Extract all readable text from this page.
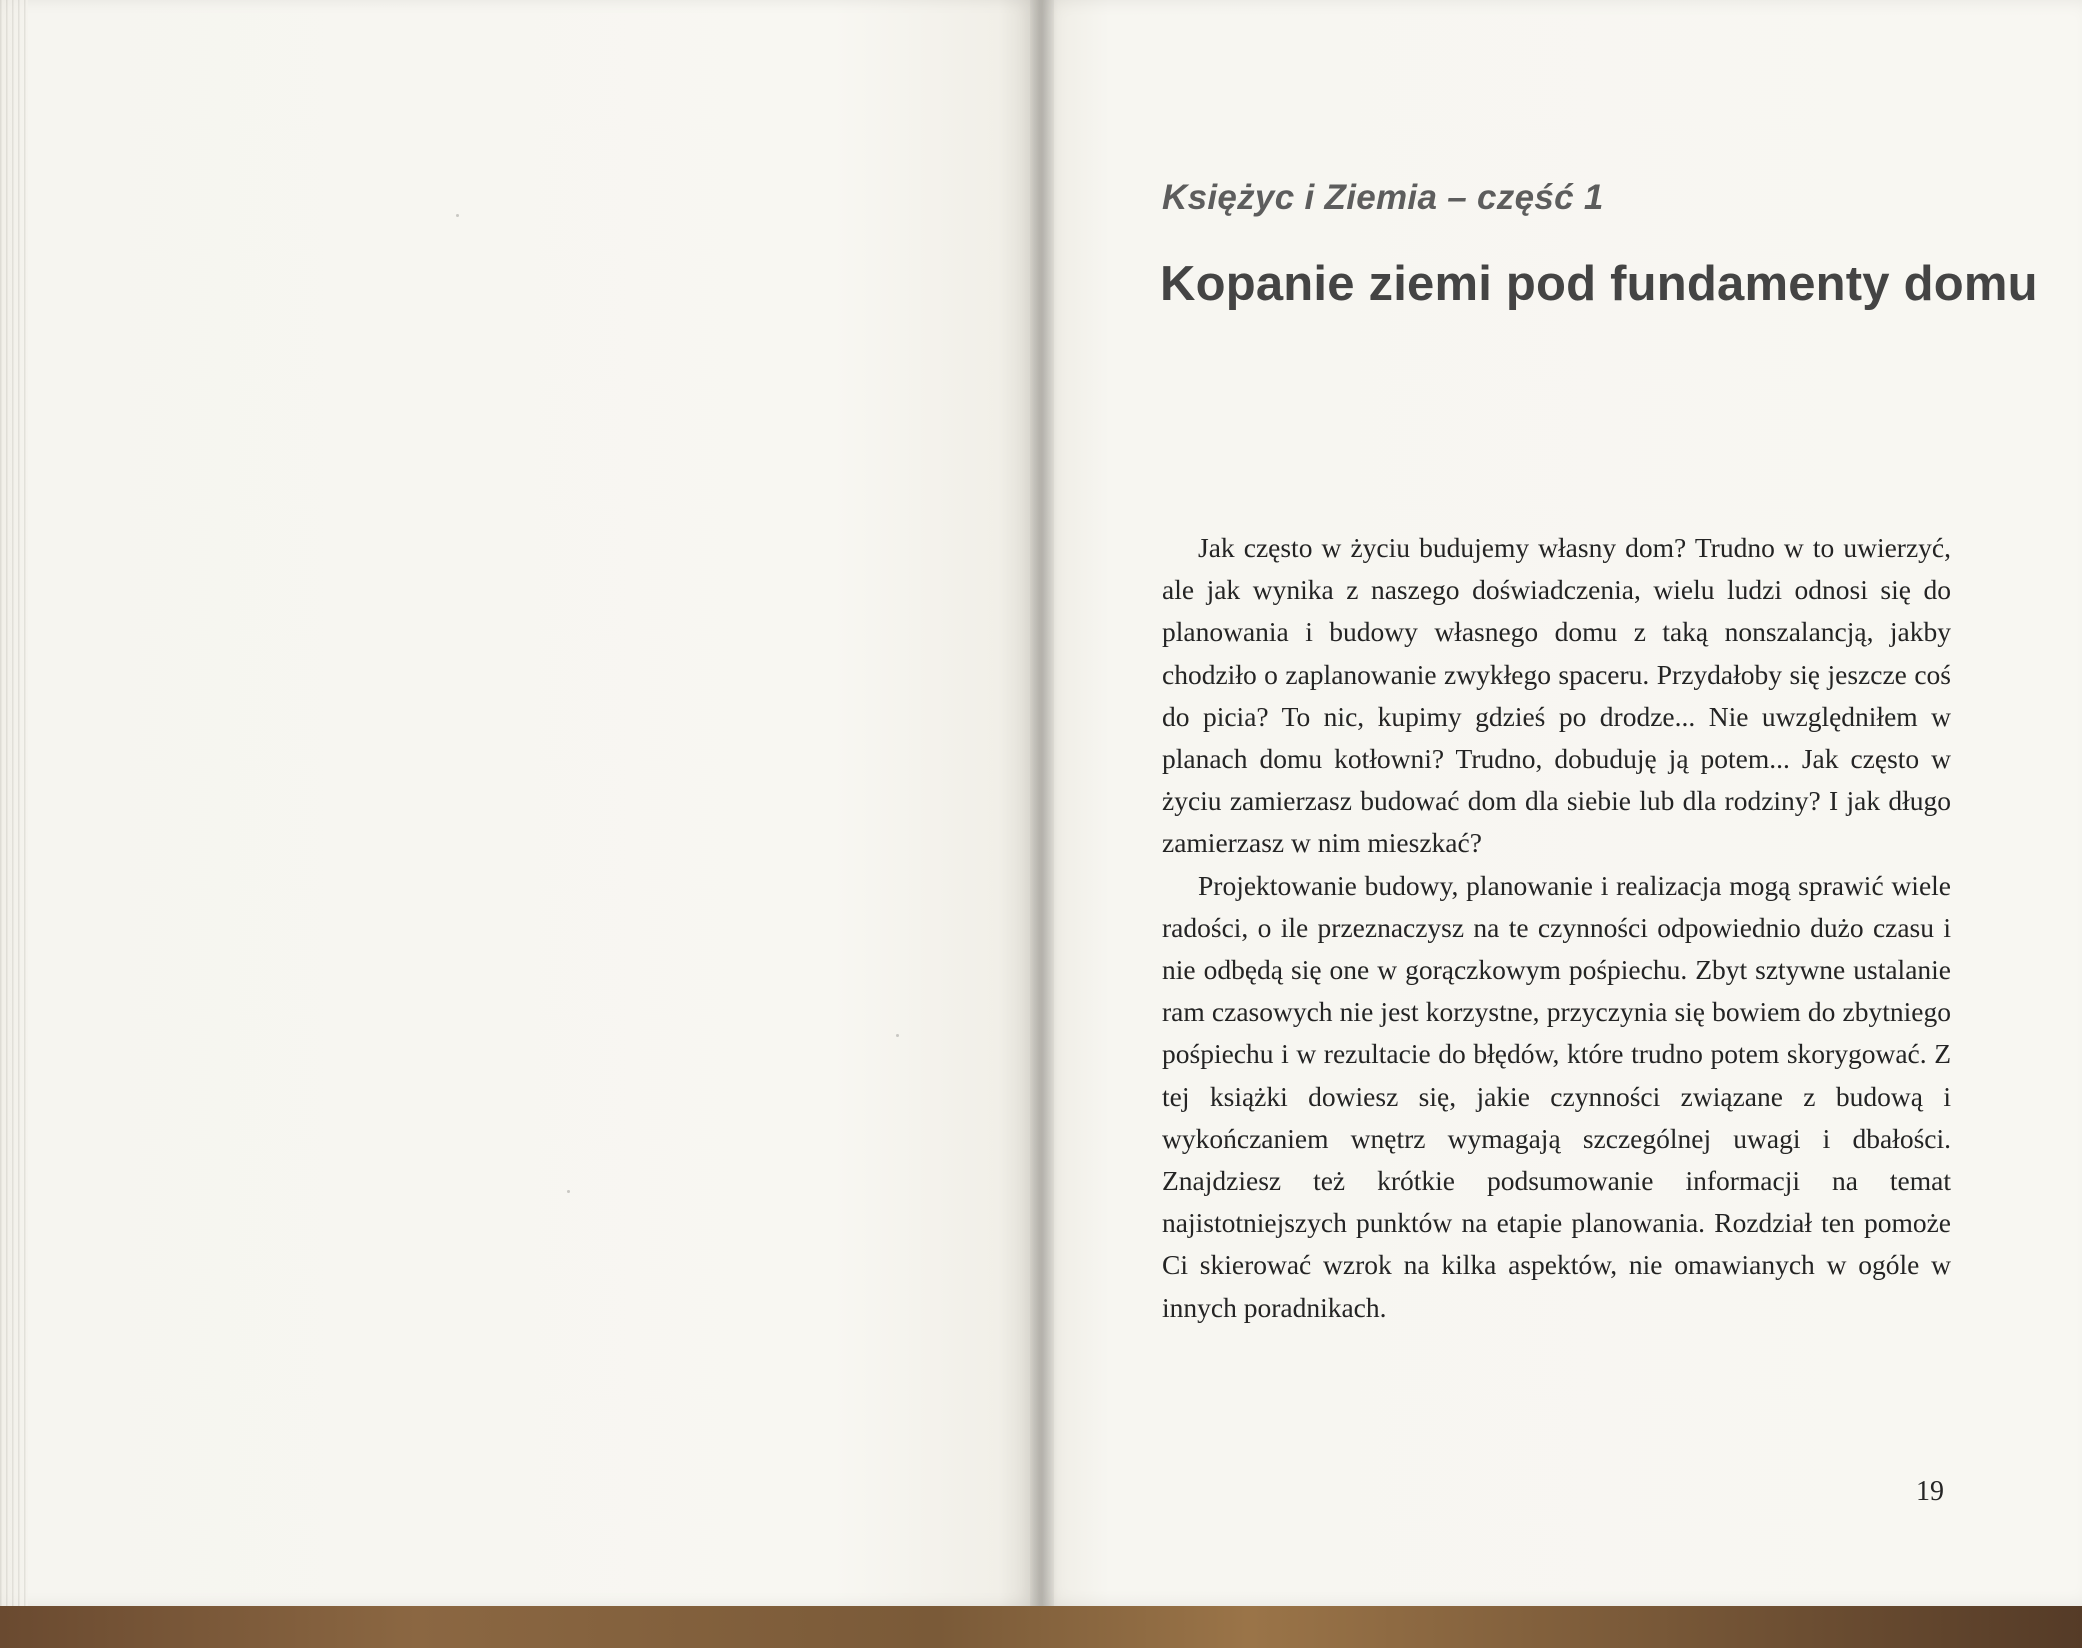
Księżyc i Ziemia – część 1
Kopanie ziemi pod fundamenty domu

Jak często w życiu budujemy własny dom? Trudno w to uwierzyć, ale jak wynika z naszego doświadczenia, wielu ludzi odnosi się do planowania i budowy własnego domu z taką nonszalancją, jakby chodziło o zaplanowanie zwykłego spaceru. Przydałoby się jeszcze coś do picia? To nic, kupimy gdzieś po drodze... Nie uwzględniłem w planach domu kotłowni? Trudno, dobuduję ją potem... Jak często w życiu zamierzasz budować dom dla siebie lub dla rodziny? I jak długo zamierzasz w nim mieszkać?

Projektowanie budowy, planowanie i realizacja mogą sprawić wiele radości, o ile przeznaczysz na te czynności odpowiednio dużo czasu i nie odbędą się one w gorączkowym pośpiechu. Zbyt sztywne ustalanie ram czasowych nie jest korzystne, przyczynia się bowiem do zbytniego pośpiechu i w rezultacie do błędów, które trudno potem skorygować. Z tej książki dowiesz się, jakie czynności związane z budową i wykończaniem wnętrz wymagają szczególnej uwagi i dbałości. Znajdziesz też krótkie podsumowanie informacji na temat najistotniejszych punktów na etapie planowania. Rozdział ten pomoże Ci skierować wzrok na kilka aspektów, nie omawianych w ogóle w innych poradnikach.

19
